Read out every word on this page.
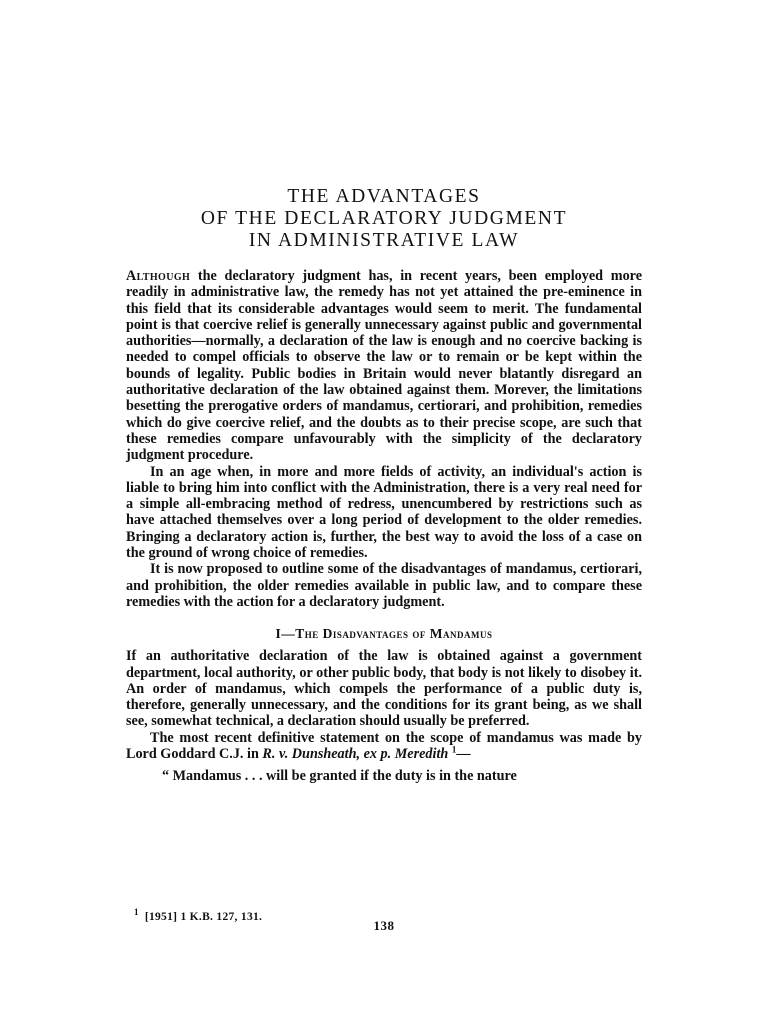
THE ADVANTAGES
OF THE DECLARATORY JUDGMENT
IN ADMINISTRATIVE LAW

Although the declaratory judgment has, in recent years, been employed more readily in administrative law, the remedy has not yet attained the pre-eminence in this field that its considerable advantages would seem to merit. The fundamental point is that coercive relief is generally unnecessary against public and governmental authorities—normally, a declaration of the law is enough and no coercive backing is needed to compel officials to observe the law or to remain or be kept within the bounds of legality. Public bodies in Britain would never blatantly disregard an authoritative declaration of the law obtained against them. Morever, the limitations besetting the prerogative orders of mandamus, certiorari, and prohibition, remedies which do give coercive relief, and the doubts as to their precise scope, are such that these remedies compare unfavourably with the simplicity of the declaratory judgment procedure.

In an age when, in more and more fields of activity, an individual's action is liable to bring him into conflict with the Administration, there is a very real need for a simple all-embracing method of redress, unencumbered by restrictions such as have attached themselves over a long period of development to the older remedies. Bringing a declaratory action is, further, the best way to avoid the loss of a case on the ground of wrong choice of remedies.

It is now proposed to outline some of the disadvantages of mandamus, certiorari, and prohibition, the older remedies available in public law, and to compare these remedies with the action for a declaratory judgment.

I—The Disadvantages of Mandamus

If an authoritative declaration of the law is obtained against a government department, local authority, or other public body, that body is not likely to disobey it. An order of mandamus, which compels the performance of a public duty is, therefore, generally unnecessary, and the conditions for its grant being, as we shall see, somewhat technical, a declaration should usually be preferred.

The most recent definitive statement on the scope of mandamus was made by Lord Goddard C.J. in R. v. Dunsheath, ex p. Meredith $^1$—

“ Mandamus . . . will be granted if the duty is in the nature

$^1$ [1951] 1 K.B. 127, 131.
138
